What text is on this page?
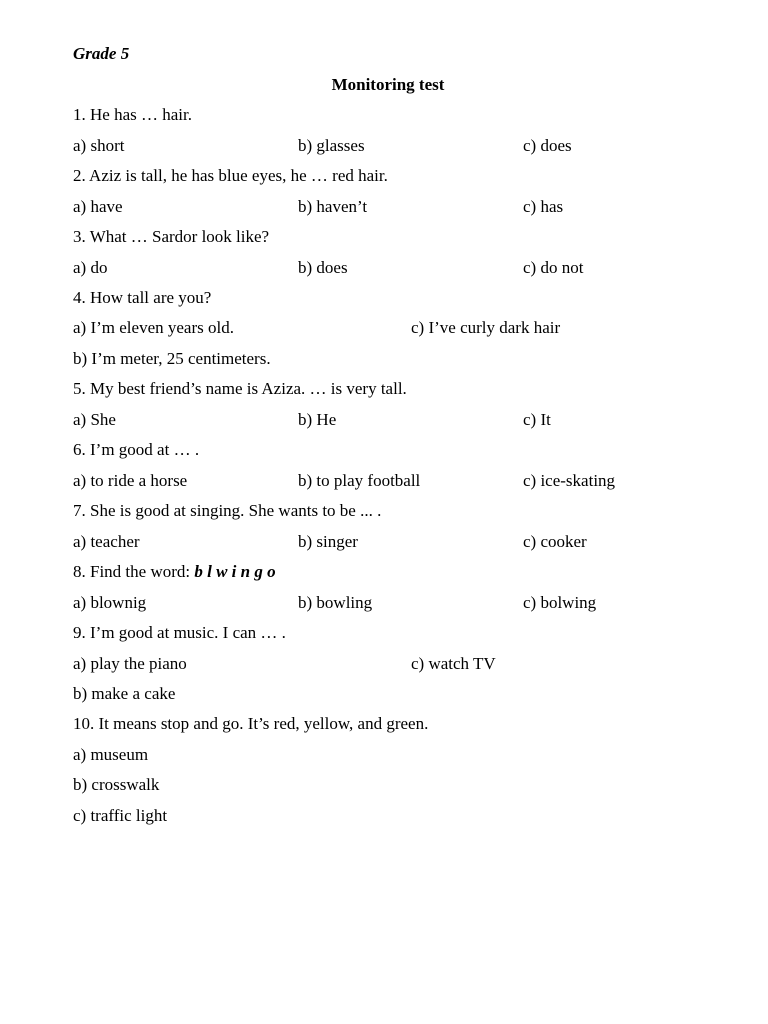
Grade 5
Monitoring test
1. He has … hair.
a) short	b) glasses	c) does
2. Aziz is tall, he has blue eyes, he … red hair.
a) have	b) haven’t	c) has
3. What … Sardor look like?
a) do	b) does	c) do not
4. How tall are you?
a) I’m eleven years old.	c) I’ve curly dark hair
b) I’m meter, 25 centimeters.
5. My best friend’s name is Aziza. … is very tall.
a) She	b) He	c) It
6. I’m good at … .
a) to ride a horse	b) to play football	c) ice-skating
7. She is good at singing. She wants to be ... .
a) teacher	b) singer	c) cooker
8. Find the word: b l w i n g o
a) blownig	b) bowling	c) bolwing
9. I’m good at music. I can … .
a) play the piano	c) watch TV
b) make a cake
10. It means stop and go. It’s red, yellow, and green.
a) museum
b) crosswalk
c) traffic light
